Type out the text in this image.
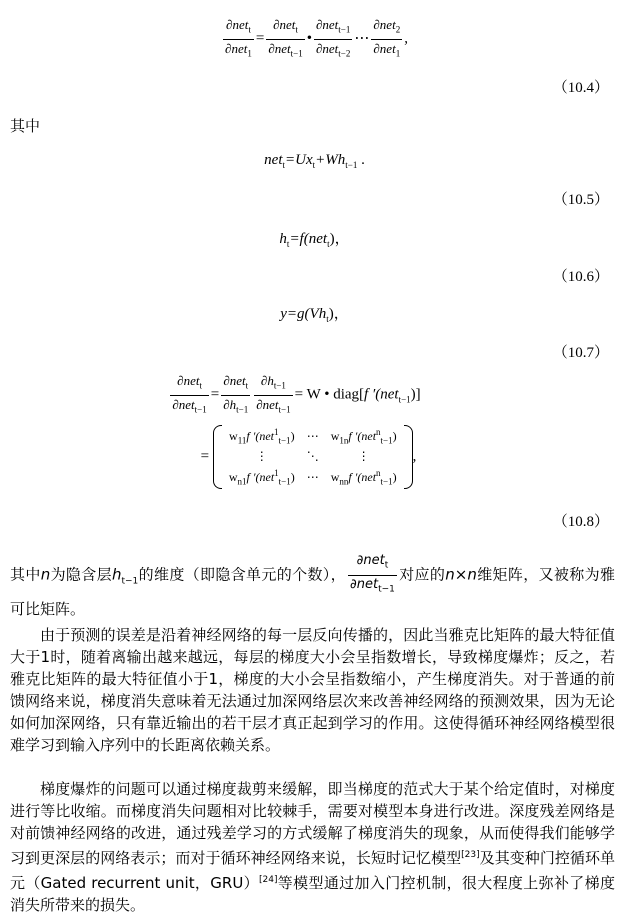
$\frac{\partial net_t}{\partial net_1} = \frac{\partial net_t}{\partial net_{t-1}}$ • $\frac{\partial net_{t-1}}{\partial net_{t-2}}$ ⋯ $\frac{\partial net_2}{\partial net_1}$ ,
（10.4）
其中
$net_t=Ux_t+Wh_{t-1}$ .
（10.5）
$h_t=f(net_t)$，
（10.6）
$y=g(Vh_t)$，
（10.7）
$\frac{\partial net_t}{\partial net_{t-1}} = \frac{\partial net_t}{\partial h_{t-1}} \frac{\partial h_{t-1}}{\partial net_{t-1}} = W$ • diag[f ′(net$_{t-1}$)]
=
$w_{11}f$ ′(net$^1_{t-1}$)	⋯	$w_{1n}f$ ′(net$^n_{t-1}$)
⋮	⋱	⋮
$w_{n1}f$ ′(net$^1_{t-1}$)	⋯	$w_{nn}f$ ′(net$^n_{t-1}$)
,
（10.8）
其中n为隐含层$h_{t-1}$的维度（即隐含单元的个数）， $\frac{\partial net_t}{\partial net_{t-1}}$ 对应的n×n维矩阵，又被称为雅可比矩阵。
由于预测的误差是沿着神经网络的每一层反向传播的，因此当雅克比矩阵的最大特征值大于1时，随着离输出越来越远，每层的梯度大小会呈指数增长，导致梯度爆炸；反之，若雅克比矩阵的最大特征值小于1，梯度的大小会呈指数缩小，产生梯度消失。对于普通的前馈网络来说，梯度消失意味着无法通过加深网络层次来改善神经网络的预测效果，因为无论如何加深网络，只有靠近输出的若干层才真正起到学习的作用。这使得循环神经网络模型很难学习到输入序列中的长距离依赖关系。
梯度爆炸的问题可以通过梯度裁剪来缓解，即当梯度的范式大于某个给定值时，对梯度进行等比收缩。而梯度消失问题相对比较棘手，需要对模型本身进行改进。深度残差网络是对前馈神经网络的改进，通过残差学习的方式缓解了梯度消失的现象，从而使得我们能够学习到更深层的网络表示；而对于循环神经网络来说，长短时记忆模型[23]及其变种门控循环单元（Gated recurrent unit，GRU）[24]等模型通过加入门控机制，很大程度上弥补了梯度消失所带来的损失。
